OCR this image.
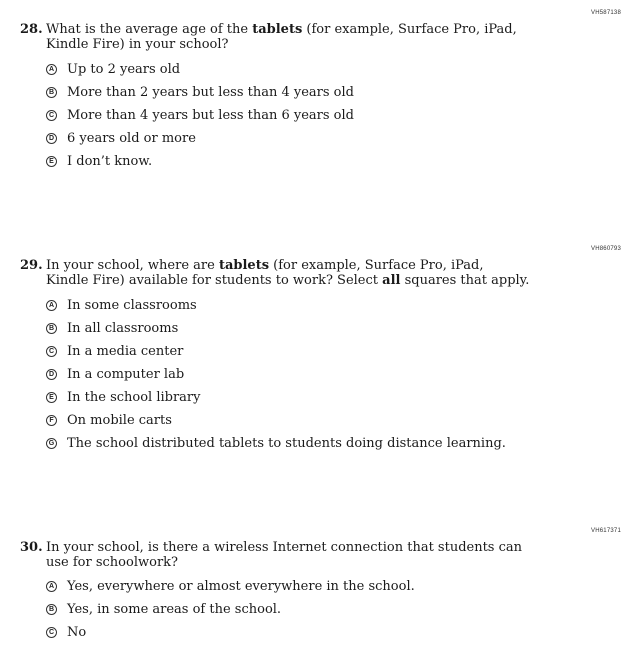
VH587138
28. What is the average age of the tablets (for example, Surface Pro, iPad, Kindle Fire) in your school?
A Up to 2 years old
B More than 2 years but less than 4 years old
C More than 4 years but less than 6 years old
D 6 years old or more
E I don’t know.
VH860793
29. In your school, where are tablets (for example, Surface Pro, iPad, Kindle Fire) available for students to work? Select all squares that apply.
A In some classrooms
B In all classrooms
C In a media center
D In a computer lab
E In the school library
F On mobile carts
G The school distributed tablets to students doing distance learning.
VH617371
30. In your school, is there a wireless Internet connection that students can use for schoolwork?
A Yes, everywhere or almost everywhere in the school.
B Yes, in some areas of the school.
C No
